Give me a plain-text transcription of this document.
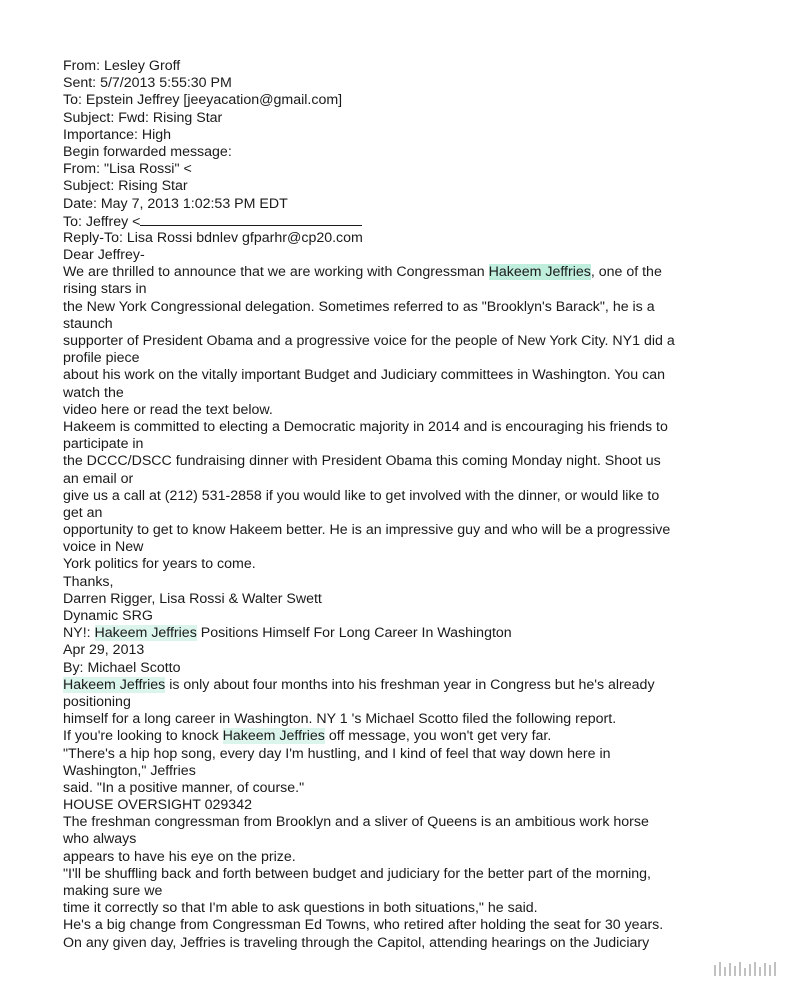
From: Lesley Groff
Sent: 5/7/2013 5:55:30 PM
To: Epstein Jeffrey [jeeyacation@gmail.com]
Subject: Fwd: Rising Star
Importance: High
Begin forwarded message:
From: "Lisa Rossi" <
Subject: Rising Star
Date: May 7, 2013 1:02:53 PM EDT
To: Jeffrey <
Reply-To: Lisa Rossi bdnlev gfparhr@cp20.com
Dear Jeffrey-
We are thrilled to announce that we are working with Congressman Hakeem Jeffries, one of the
rising stars in
the New York Congressional delegation. Sometimes referred to as "Brooklyn's Barack", he is a
staunch
supporter of President Obama and a progressive voice for the people of New York City. NY1 did a
profile piece
about his work on the vitally important Budget and Judiciary committees in Washington. You can
watch the
video here or read the text below.
Hakeem is committed to electing a Democratic majority in 2014 and is encouraging his friends to
participate in
the DCCC/DSCC fundraising dinner with President Obama this coming Monday night. Shoot us
an email or
give us a call at (212) 531-2858 if you would like to get involved with the dinner, or would like to
get an
opportunity to get to know Hakeem better. He is an impressive guy and who will be a progressive
voice in New
York politics for years to come.
Thanks,
Darren Rigger, Lisa Rossi & Walter Swett
Dynamic SRG
NY!: Hakeem Jeffries Positions Himself For Long Career In Washington
Apr 29, 2013
By: Michael Scotto
Hakeem Jeffries is only about four months into his freshman year in Congress but he's already
positioning
himself for a long career in Washington. NY 1 's Michael Scotto filed the following report.
If you're looking to knock Hakeem Jeffries off message, you won't get very far.
"There's a hip hop song, every day I'm hustling, and I kind of feel that way down here in
Washington," Jeffries
said. "In a positive manner, of course."
HOUSE OVERSIGHT 029342
The freshman congressman from Brooklyn and a sliver of Queens is an ambitious work horse
who always
appears to have his eye on the prize.
"I'll be shuffling back and forth between budget and judiciary for the better part of the morning,
making sure we
time it correctly so that I'm able to ask questions in both situations," he said.
He's a big change from Congressman Ed Towns, who retired after holding the seat for 30 years.
On any given day, Jeffries is traveling through the Capitol, attending hearings on the Judiciary
